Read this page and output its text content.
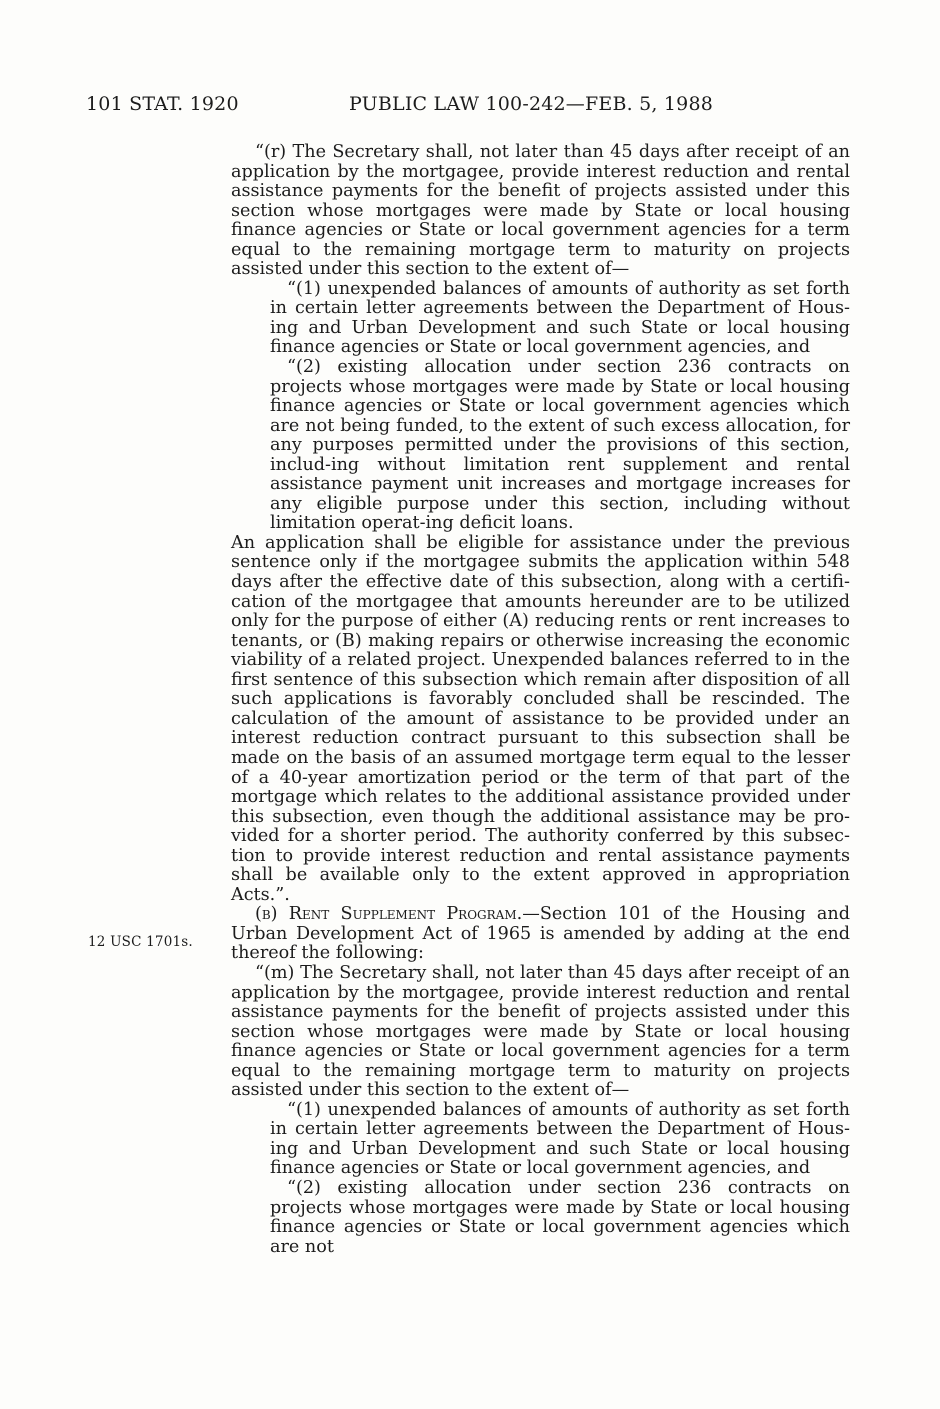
101 STAT. 1920	PUBLIC LAW 100-242—FEB. 5, 1988
12 USC 1701s.

“(r) The Secretary shall, not later than 45 days after receipt of an application by the mortgagee, provide interest reduction and rental assistance payments for the benefit of projects assisted under this section whose mortgages were made by State or local housing finance agencies or State or local government agencies for a term equal to the remaining mortgage term to maturity on projects assisted under this section to the extent of—

“(1) unexpended balances of amounts of authority as set forth in certain letter agreements between the Department of Hous-ing and Urban Development and such State or local housing finance agencies or State or local government agencies, and

“(2) existing allocation under section 236 contracts on projects whose mortgages were made by State or local housing finance agencies or State or local government agencies which are not being funded, to the extent of such excess allocation, for any purposes permitted under the provisions of this section, includ-ing without limitation rent supplement and rental assistance payment unit increases and mortgage increases for any eligible purpose under this section, including without limitation operat-ing deficit loans.

An application shall be eligible for assistance under the previous sentence only if the mortgagee submits the application within 548 days after the effective date of this subsection, along with a certifi-cation of the mortgagee that amounts hereunder are to be utilized only for the purpose of either (A) reducing rents or rent increases to tenants, or (B) making repairs or otherwise increasing the economic viability of a related project. Unexpended balances referred to in the first sentence of this subsection which remain after disposition of all such applications is favorably concluded shall be rescinded. The calculation of the amount of assistance to be provided under an interest reduction contract pursuant to this subsection shall be made on the basis of an assumed mortgage term equal to the lesser of a 40-year amortization period or the term of that part of the mortgage which relates to the additional assistance provided under this subsection, even though the additional assistance may be pro-vided for a shorter period. The authority conferred by this subsec-tion to provide interest reduction and rental assistance payments shall be available only to the extent approved in appropriation Acts.”.

(b) Rent Supplement Program.—Section 101 of the Housing and Urban Development Act of 1965 is amended by adding at the end thereof the following:

“(m) The Secretary shall, not later than 45 days after receipt of an application by the mortgagee, provide interest reduction and rental assistance payments for the benefit of projects assisted under this section whose mortgages were made by State or local housing finance agencies or State or local government agencies for a term equal to the remaining mortgage term to maturity on projects assisted under this section to the extent of—

“(1) unexpended balances of amounts of authority as set forth in certain letter agreements between the Department of Hous-ing and Urban Development and such State or local housing finance agencies or State or local government agencies, and

“(2) existing allocation under section 236 contracts on projects whose mortgages were made by State or local housing finance agencies or State or local government agencies which are not
